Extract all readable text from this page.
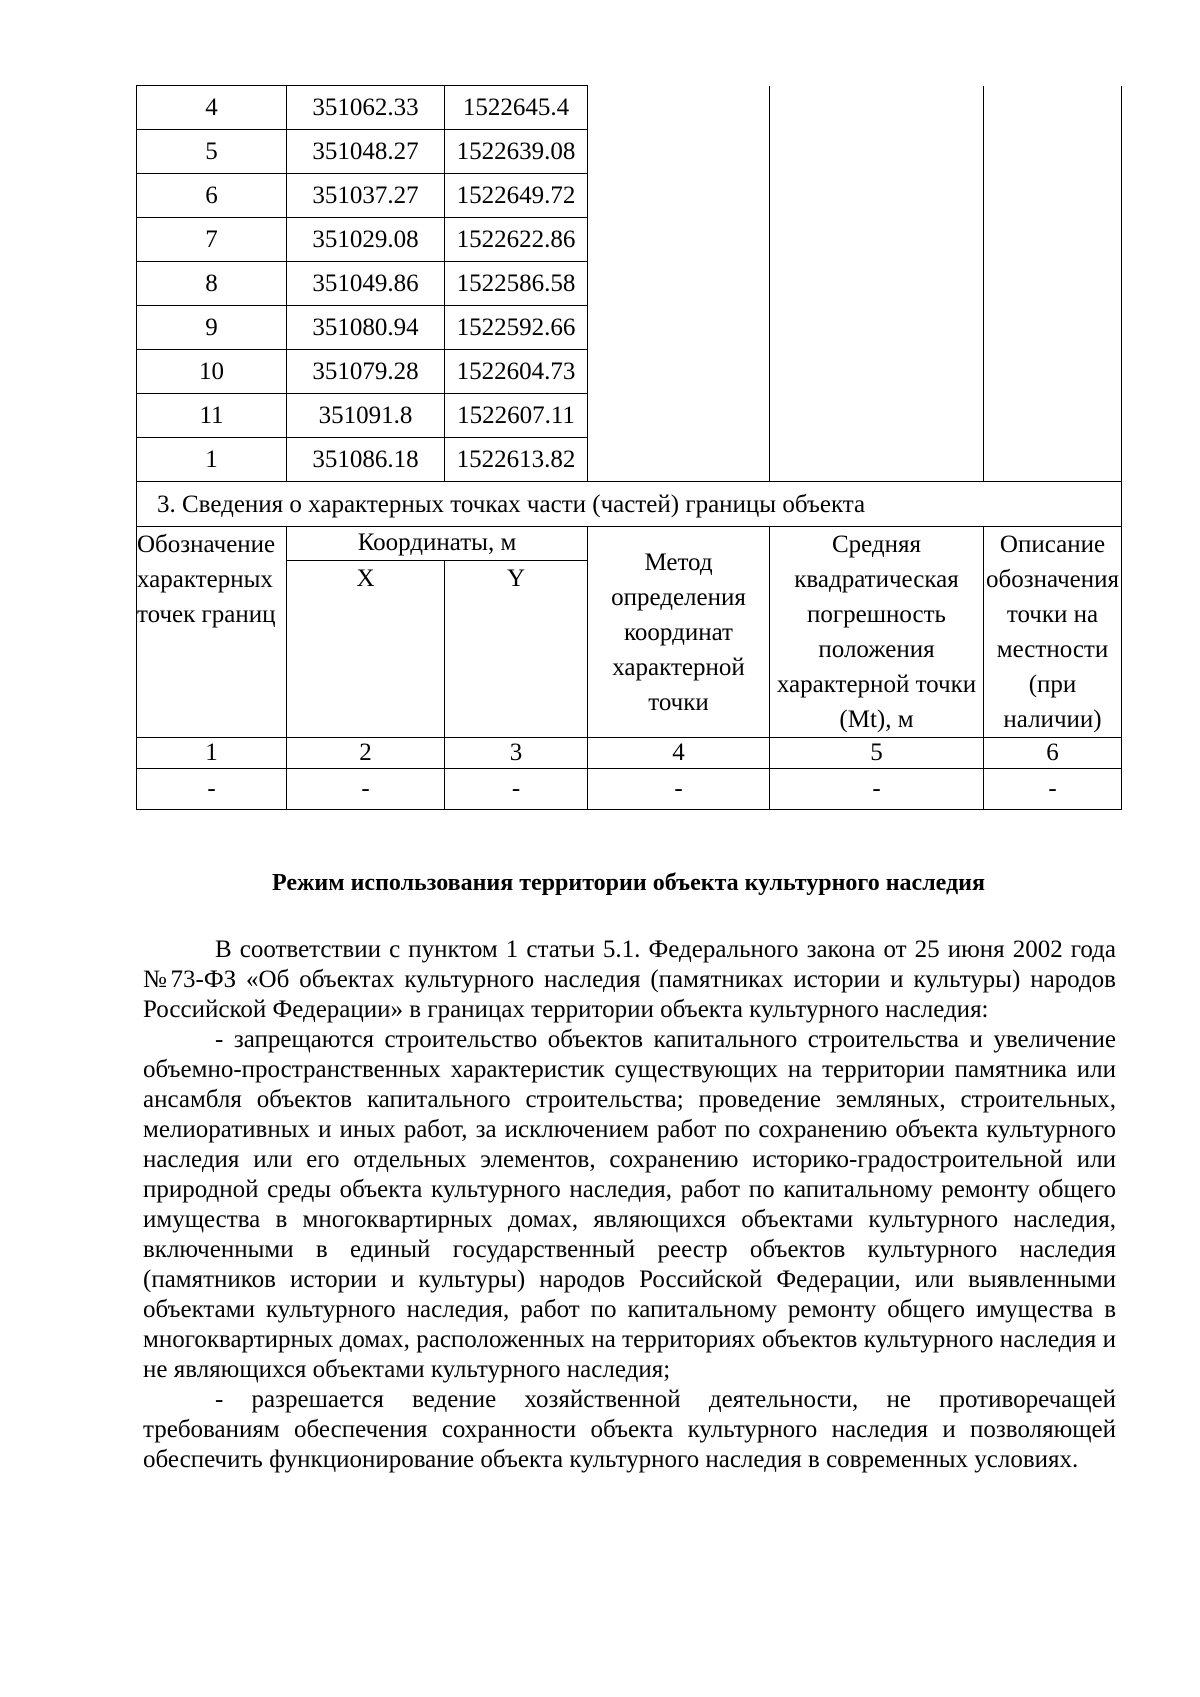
4	351062.33	1522645.4			
5	351048.27	1522639.08			
6	351037.27	1522649.72			
7	351029.08	1522622.86			
8	351049.86	1522586.58			
9	351080.94	1522592.66			
10	351079.28	1522604.73			
11	351091.8	1522607.11			
1	351086.18	1522613.82			
3. Сведения о характерных точках части (частей) границы объекта					
Обозначение характерных точек границ	Координаты, м		Метод определения координат характерной точки	Средняя квадратическая погрешность положения характерной точки (Mt), м	Описание обозначения точки на местности (при наличии)
	X	Y			
1	2	3	4	5	6
-	-	-	-	-	-
Режим использования территории объекта культурного наследия

В соответствии с пунктом 1 статьи 5.1. Федерального закона от 25 июня 2002 года №73-ФЗ «Об объектах культурного наследия (памятниках истории и культуры) народов Российской Федерации» в границах территории объекта культурного наследия:

- запрещаются строительство объектов капитального строительства и увеличение объемно-пространственных характеристик существующих на территории памятника или ансамбля объектов капитального строительства; проведение земляных, строительных, мелиоративных и иных работ, за исключением работ по сохранению объекта культурного наследия или его отдельных элементов, сохранению историко-градостроительной или природной среды объекта культурного наследия, работ по капитальному ремонту общего имущества в многоквартирных домах, являющихся объектами культурного наследия, включенными в единый государственный реестр объектов культурного наследия (памятников истории и культуры) народов Российской Федерации, или выявленными объектами культурного наследия, работ по капитальному ремонту общего имущества в многоквартирных домах, расположенных на территориях объектов культурного наследия и не являющихся объектами культурного наследия;

- разрешается ведение хозяйственной деятельности, не противоречащей требованиям обеспечения сохранности объекта культурного наследия и позволяющей обеспечить функционирование объекта культурного наследия в современных условиях.
